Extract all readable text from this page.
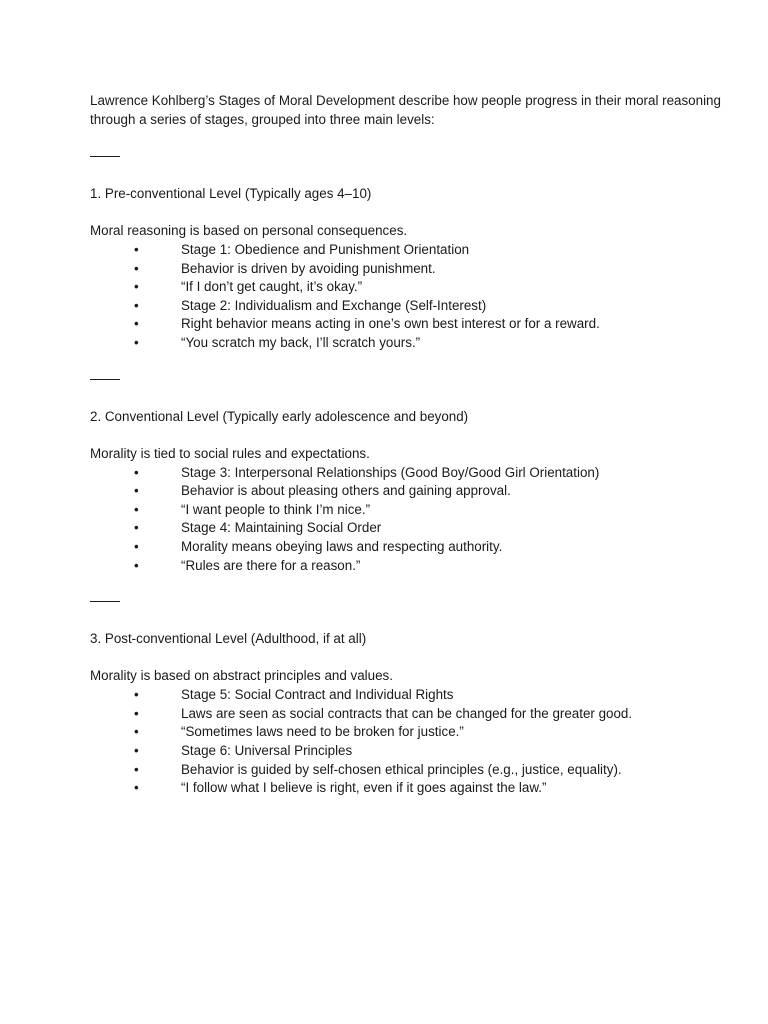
Lawrence Kohlberg’s Stages of Moral Development describe how people progress in their moral reasoning through a series of stages, grouped into three main levels:

1. Pre-conventional Level (Typically ages 4–10)

Moral reasoning is based on personal consequences.

•	Stage 1: Obedience and Punishment Orientation
•	Behavior is driven by avoiding punishment.
•	“If I don’t get caught, it’s okay.”
•	Stage 2: Individualism and Exchange (Self-Interest)
•	Right behavior means acting in one’s own best interest or for a reward.
•	“You scratch my back, I’ll scratch yours.”

2. Conventional Level (Typically early adolescence and beyond)

Morality is tied to social rules and expectations.

•	Stage 3: Interpersonal Relationships (Good Boy/Good Girl Orientation)
•	Behavior is about pleasing others and gaining approval.
•	“I want people to think I’m nice.”
•	Stage 4: Maintaining Social Order
•	Morality means obeying laws and respecting authority.
•	“Rules are there for a reason.”

3. Post-conventional Level (Adulthood, if at all)

Morality is based on abstract principles and values.

•	Stage 5: Social Contract and Individual Rights
•	Laws are seen as social contracts that can be changed for the greater good.
•	“Sometimes laws need to be broken for justice.”
•	Stage 6: Universal Principles
•	Behavior is guided by self-chosen ethical principles (e.g., justice, equality).
•	“I follow what I believe is right, even if it goes against the law.”
